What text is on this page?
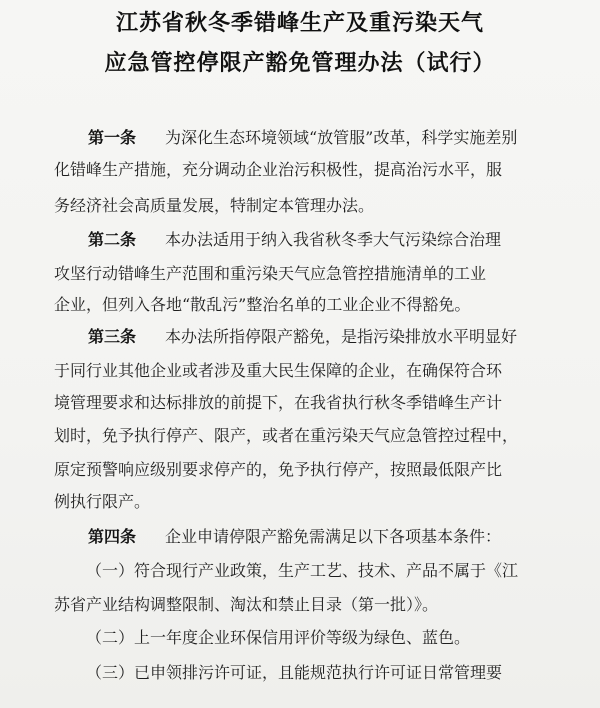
江苏省秋冬季错峰生产及重污染天气
应急管控停限产豁免管理办法（试行）
第一条 为深化生态环境领域“放管服”改革，科学实施差别
化错峰生产措施，充分调动企业治污积极性，提高治污水平，服
务经济社会高质量发展，特制定本管理办法。
第二条 本办法适用于纳入我省秋冬季大气污染综合治理
攻坚行动错峰生产范围和重污染天气应急管控措施清单的工业
企业，但列入各地“散乱污”整治名单的工业企业不得豁免。
第三条 本办法所指停限产豁免，是指污染排放水平明显好
于同行业其他企业或者涉及重大民生保障的企业，在确保符合环
境管理要求和达标排放的前提下，在我省执行秋冬季错峰生产计
划时，免予执行停产、限产，或者在重污染天气应急管控过程中，
原定预警响应级别要求停产的，免予执行停产，按照最低限产比
例执行限产。
第四条 企业申请停限产豁免需满足以下各项基本条件：
（一）符合现行产业政策，生产工艺、技术、产品不属于《江
苏省产业结构调整限制、淘汰和禁止目录（第一批）》。
（二）上一年度企业环保信用评价等级为绿色、蓝色。
（三）已申领排污许可证，且能规范执行许可证日常管理要
